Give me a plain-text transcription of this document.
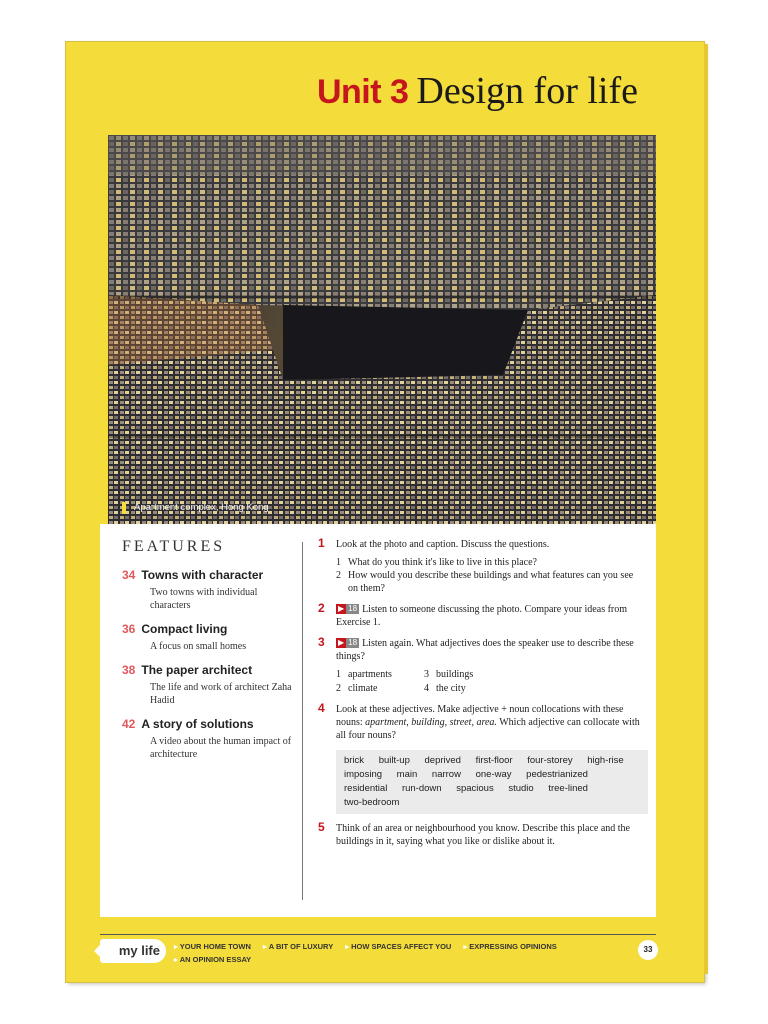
Unit 3 Design for life
Apartment complex, Hong Kong
FEATURES
34 Towns with character
Two towns with individual characters
36 Compact living
A focus on small homes
38 The paper architect
The life and work of architect Zaha Hadid
42 A story of solutions
A video about the human impact of architecture
1 Look at the photo and caption. Discuss the questions.
1 What do you think it's like to live in this place?
2 How would you describe these buildings and what features can you see on them?
2 ▶ 18 Listen to someone discussing the photo. Compare your ideas from Exercise 1.
3 ▶ 18 Listen again. What adjectives does the speaker use to describe these things?
1 apartments	3 buildings
2 climate	4 the city
4 Look at these adjectives. Make adjective + noun collocations with these nouns: apartment, building, street, area. Which adjective can collocate with all four nouns?
brick built-up deprived first-floor four-storey high-rise imposing main narrow one-way pedestrianized residential run-down spacious studio tree-lined two-bedroom
5 Think of an area or neighbourhood you know. Describe this place and the buildings in it, saying what you like or dislike about it.
my life	▸ YOUR HOME TOWN ▸ A BIT OF LUXURY ▸ HOW SPACES AFFECT YOU ▸ EXPRESSING OPINIONS
▸ AN OPINION ESSAY
33
